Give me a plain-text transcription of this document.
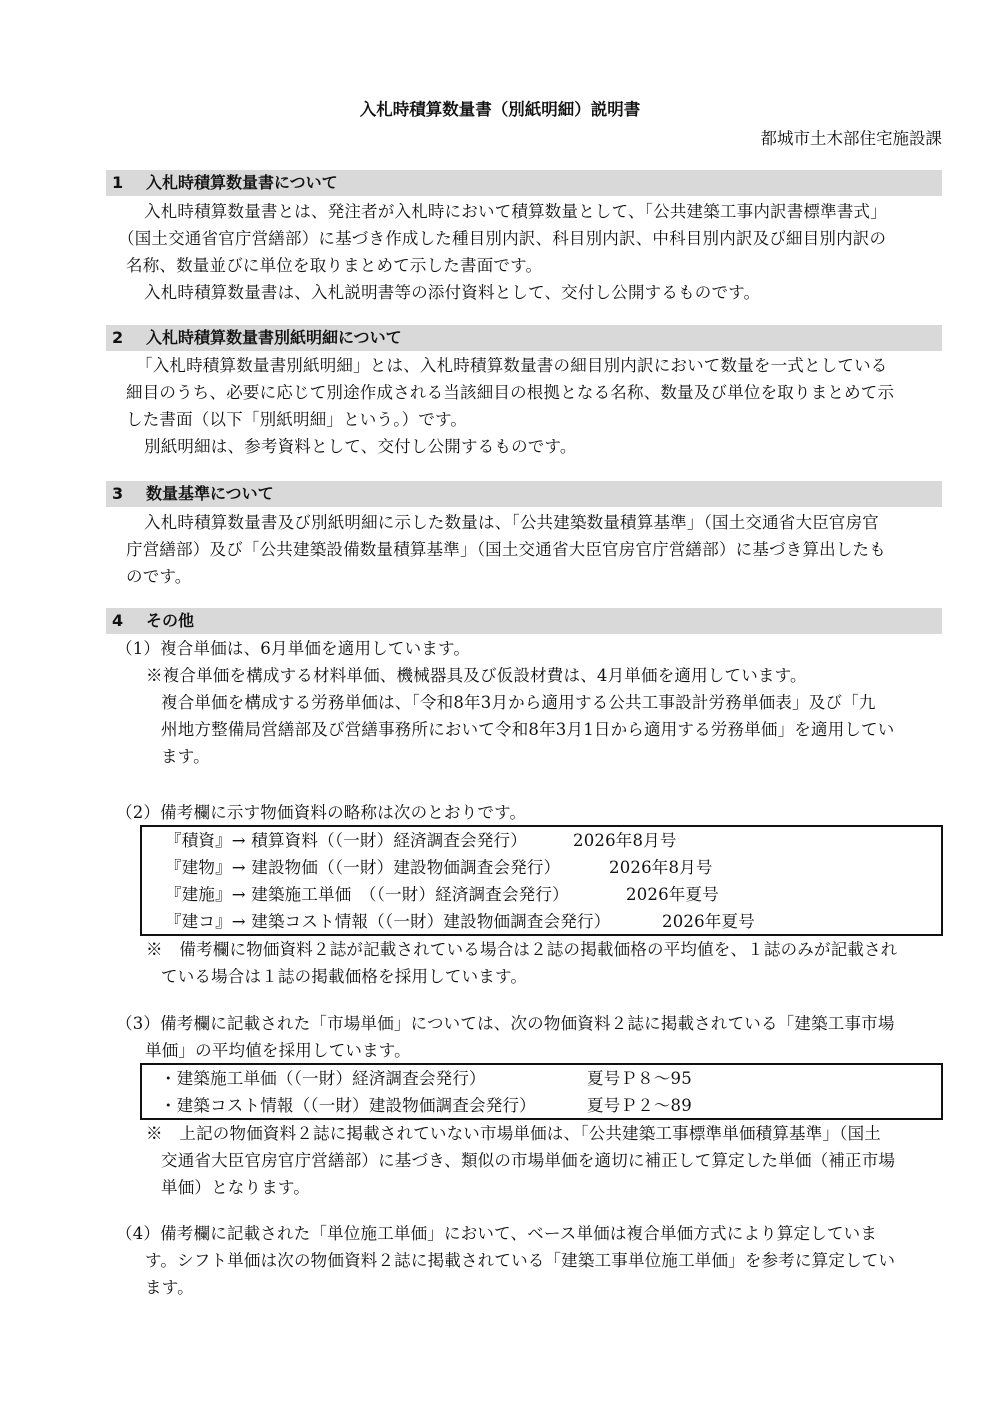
入札時積算数量書（別紙明細）説明書
都城市土木部住宅施設課
1 入札時積算数量書について
入札時積算数量書とは、発注者が入札時において積算数量として、「公共建築工事内訳書標準書式」
（国土交通省官庁営繕部）に基づき作成した種目別内訳、科目別内訳、中科目別内訳及び細目別内訳の
名称、数量並びに単位を取りまとめて示した書面です。
入札時積算数量書は、入札説明書等の添付資料として、交付し公開するものです。
2 入札時積算数量書別紙明細について
「入札時積算数量書別紙明細」とは、入札時積算数量書の細目別内訳において数量を一式としている
細目のうち、必要に応じて別途作成される当該細目の根拠となる名称、数量及び単位を取りまとめて示
した書面（以下「別紙明細」という。）です。
別紙明細は、参考資料として、交付し公開するものです。
3 数量基準について
入札時積算数量書及び別紙明細に示した数量は、「公共建築数量積算基準」（国土交通省大臣官房官
庁営繕部）及び「公共建築設備数量積算基準」（国土交通省大臣官房官庁営繕部）に基づき算出したも
のです。
4 その他
（1）複合単価は、6月単価を適用しています。
※複合単価を構成する材料単価、機械器具及び仮設材費は、4月単価を適用しています。
複合単価を構成する労務単価は、「令和8年3月から適用する公共工事設計労務単価表」及び「九
州地方整備局営繕部及び営繕事務所において令和8年3月1日から適用する労務単価」を適用してい
ます。
（2）備考欄に示す物価資料の略称は次のとおりです。
『積資』→ 積算資料（（一財）経済調査会発行）	2026年8月号
『建物』→ 建設物価（（一財）建設物価調査会発行）	2026年8月号
『建施』→ 建築施工単価　（（一財）経済調査会発行）	2026年夏号
『建コ』→ 建築コスト情報（（一財）建設物価調査会発行）	2026年夏号
※　備考欄に物価資料２誌が記載されている場合は２誌の掲載価格の平均値を、１誌のみが記載され
ている場合は１誌の掲載価格を採用しています。
（3）備考欄に記載された「市場単価」については、次の物価資料２誌に掲載されている「建築工事市場
単価」の平均値を採用しています。
・建築施工単価（（一財）経済調査会発行）	夏号Ｐ８～95
・建築コスト情報（（一財）建設物価調査会発行）	夏号Ｐ２～89
※　上記の物価資料２誌に掲載されていない市場単価は、「公共建築工事標準単価積算基準」（国土
交通省大臣官房官庁営繕部）に基づき、類似の市場単価を適切に補正して算定した単価（補正市場
単価）となります。
（4）備考欄に記載された「単位施工単価」において、ベース単価は複合単価方式により算定していま
す。シフト単価は次の物価資料２誌に掲載されている「建築工事単位施工単価」を参考に算定してい
ます。
